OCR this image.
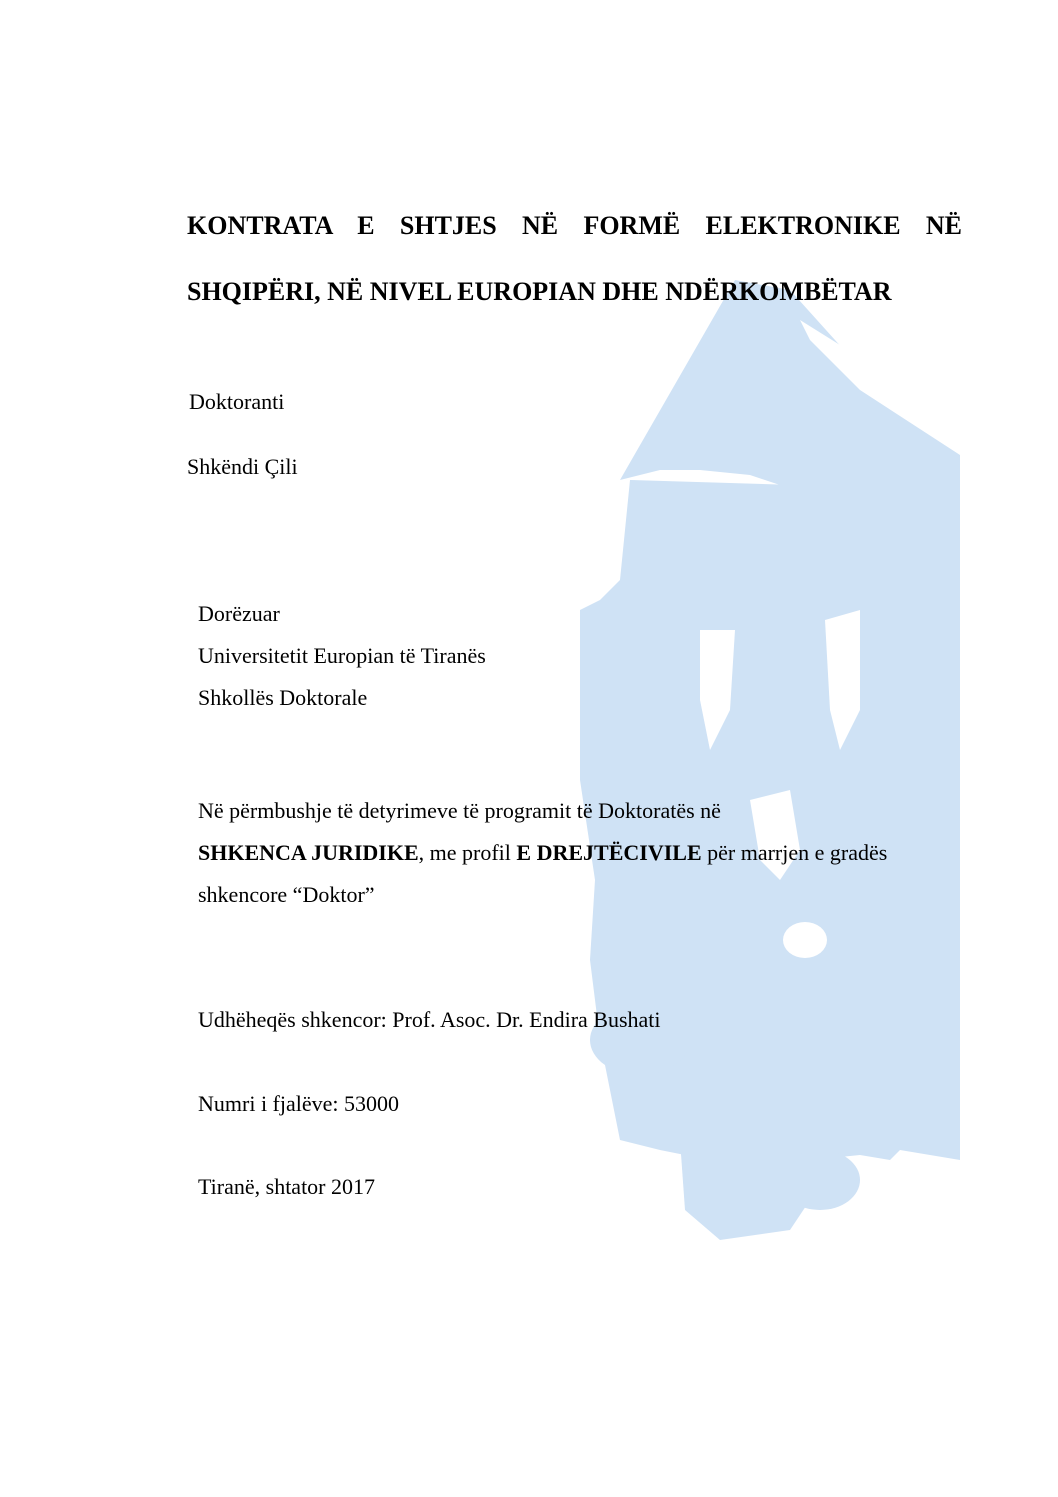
KONTRATA E SHTJES NË FORMË ELEKTRONIKE NË
SHQIPËRI, NË NIVEL EUROPIAN DHE NDËRKOMBËTAR
Doktoranti
Shkëndi Çili
Dorëzuar
Universitetit Europian të Tiranës
Shkollës Doktorale
Në përmbushje të detyrimeve të programit të Doktoratës në
SHKENCA JURIDIKE, me profil E DREJTËCIVILE për marrjen e gradës
shkencore “Doktor”
Udhëheqës shkencor: Prof. Asoc. Dr. Endira Bushati
Numri i fjalëve: 53000
Tiranë, shtator 2017
